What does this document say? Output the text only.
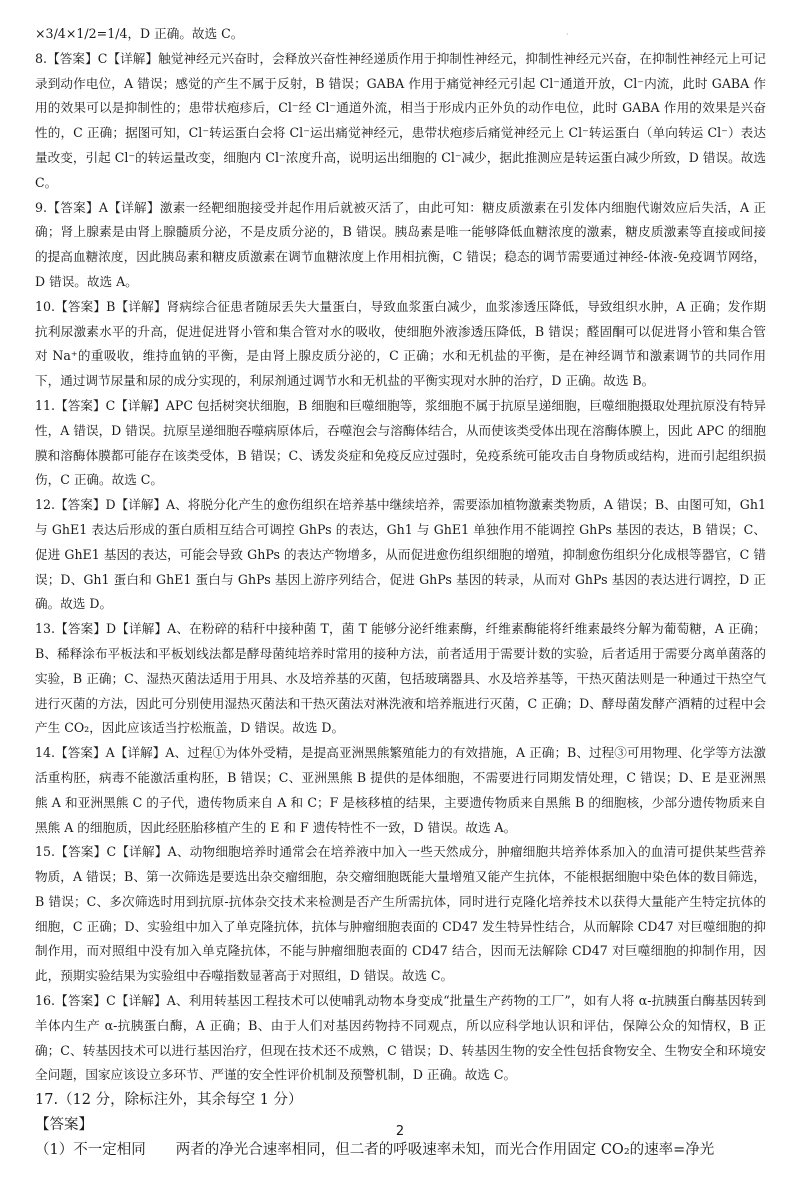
·

×3/4×1/2=1/4，D 正确。故选 C。

8.【答案】C【详解】触觉神经元兴奋时，会释放兴奋性神经递质作用于抑制性神经元，抑制性神经元兴奋，在抑制性神经元上可记录到动作电位，A 错误；感觉的产生不属于反射，B 错误；GABA 作用于痛觉神经元引起 Cl⁻通道开放，Cl⁻内流，此时 GABA 作用的效果可以是抑制性的；患带状疱疹后，Cl⁻经 Cl⁻通道外流，相当于形成内正外负的动作电位，此时 GABA 作用的效果是兴奋性的，C 正确；据图可知，Cl⁻转运蛋白会将 Cl⁻运出痛觉神经元，患带状疱疹后痛觉神经元上 Cl⁻转运蛋白（单向转运 Cl⁻）表达量改变，引起 Cl⁻的转运量改变，细胞内 Cl⁻浓度升高，说明运出细胞的 Cl⁻减少，据此推测应是转运蛋白减少所致，D 错误。故选 C。

9.【答案】A【详解】激素一经靶细胞接受并起作用后就被灭活了，由此可知：糖皮质激素在引发体内细胞代谢效应后失活，A 正确；肾上腺素是由肾上腺髓质分泌，不是皮质分泌的，B 错误。胰岛素是唯一能够降低血糖浓度的激素，糖皮质激素等直接或间接的提高血糖浓度，因此胰岛素和糖皮质激素在调节血糖浓度上作用相抗衡，C 错误；稳态的调节需要通过神经-体液-免疫调节网络，D 错误。故选 A。

10.【答案】B【详解】肾病综合征患者随尿丢失大量蛋白，导致血浆蛋白减少，血浆渗透压降低，导致组织水肿，A 正确；发作期抗利尿激素水平的升高，促进促进肾小管和集合管对水的吸收，使细胞外液渗透压降低，B 错误；醛固酮可以促进肾小管和集合管对 Na⁺的重吸收，维持血钠的平衡，是由肾上腺皮质分泌的，C 正确；水和无机盐的平衡，是在神经调节和激素调节的共同作用下，通过调节尿量和尿的成分实现的，利尿剂通过调节水和无机盐的平衡实现对水肿的治疗，D 正确。故选 B。

11.【答案】C【详解】APC 包括树突状细胞，B 细胞和巨噬细胞等，浆细胞不属于抗原呈递细胞，巨噬细胞摄取处理抗原没有特异性，A 错误，D 错误。抗原呈递细胞吞噬病原体后，吞噬泡会与溶酶体结合，从而使该类受体出现在溶酶体膜上，因此 APC 的细胞膜和溶酶体膜都可能存在该类受体，B 错误；C、诱发炎症和免疫反应过强时，免疫系统可能攻击自身物质或结构，进而引起组织损伤，C 正确。故选 C。

12.【答案】D【详解】A、将脱分化产生的愈伤组织在培养基中继续培养，需要添加植物激素类物质，A 错误；B、由图可知，Gh1 与 GhE1 表达后形成的蛋白质相互结合可调控 GhPs 的表达，Gh1 与 GhE1 单独作用不能调控 GhPs 基因的表达，B 错误；C、促进 GhE1 基因的表达，可能会导致 GhPs 的表达产物增多，从而促进愈伤组织细胞的增殖，抑制愈伤组织分化成根等器官，C 错误；D、Gh1 蛋白和 GhE1 蛋白与 GhPs 基因上游序列结合，促进 GhPs 基因的转录，从而对 GhPs 基因的表达进行调控，D 正确。故选 D。

13.【答案】D【详解】A、在粉碎的秸秆中接种菌 T，菌 T 能够分泌纤维素酶，纤维素酶能将纤维素最终分解为葡萄糖，A 正确；B、稀释涂布平板法和平板划线法都是酵母菌纯培养时常用的接种方法，前者适用于需要计数的实验，后者适用于需要分离单菌落的实验，B 正确；C、湿热灭菌法适用于用具、水及培养基的灭菌，包括玻璃器具、水及培养基等，干热灭菌法则是一种通过干热空气进行灭菌的方法，因此可分别使用湿热灭菌法和干热灭菌法对淋洗液和培养瓶进行灭菌，C 正确；D、酵母菌发酵产酒精的过程中会产生 CO₂，因此应该适当拧松瓶盖，D 错误。故选 D。

14.【答案】A【详解】A、过程①为体外受精，是提高亚洲黑熊繁殖能力的有效措施，A 正确；B、过程③可用物理、化学等方法激活重构胚，病毒不能激活重构胚，B 错误；C、亚洲黑熊 B 提供的是体细胞，不需要进行同期发情处理，C 错误；D、E 是亚洲黑熊 A 和亚洲黑熊 C 的子代，遗传物质来自 A 和 C；F 是核移植的结果，主要遗传物质来自黑熊 B 的细胞核，少部分遗传物质来自黑熊 A 的细胞质，因此经胚胎移植产生的 E 和 F 遗传特性不一致，D 错误。故选 A。

15.【答案】C【详解】A、动物细胞培养时通常会在培养液中加入一些天然成分，肿瘤细胞共培养体系加入的血清可提供某些营养物质，A 错误；B、第一次筛选是要选出杂交瘤细胞，杂交瘤细胞既能大量增殖又能产生抗体，不能根据细胞中染色体的数目筛选，B 错误；C、多次筛选时用到抗原-抗体杂交技术来检测是否产生所需抗体，同时进行克隆化培养技术以获得大量能产生特定抗体的细胞，C 正确；D、实验组中加入了单克隆抗体，抗体与肿瘤细胞表面的 CD47 发生特异性结合，从而解除 CD47 对巨噬细胞的抑制作用，而对照组中没有加入单克隆抗体，不能与肿瘤细胞表面的 CD47 结合，因而无法解除 CD47 对巨噬细胞的抑制作用，因此，预期实验结果为实验组中吞噬指数显著高于对照组，D 错误。故选 C。

16.【答案】C【详解】A、利用转基因工程技术可以使哺乳动物本身变成“批量生产药物的工厂”，如有人将 α-抗胰蛋白酶基因转到羊体内生产 α-抗胰蛋白酶，A 正确；B、由于人们对基因药物持不同观点，所以应科学地认识和评估，保障公众的知情权，B 正确；C、转基因技术可以进行基因治疗，但现在技术还不成熟，C 错误；D、转基因生物的安全性包括食物安全、生物安全和环境安全问题，国家应该设立多环节、严谨的安全性评价机制及预警机制，D 正确。故选 C。

17.（12 分，除标注外，其余每空 1 分）

【答案】

（1）不一定相同 两者的净光合速率相同，但二者的呼吸速率未知，而光合作用固定 CO₂的速率=净光

2
